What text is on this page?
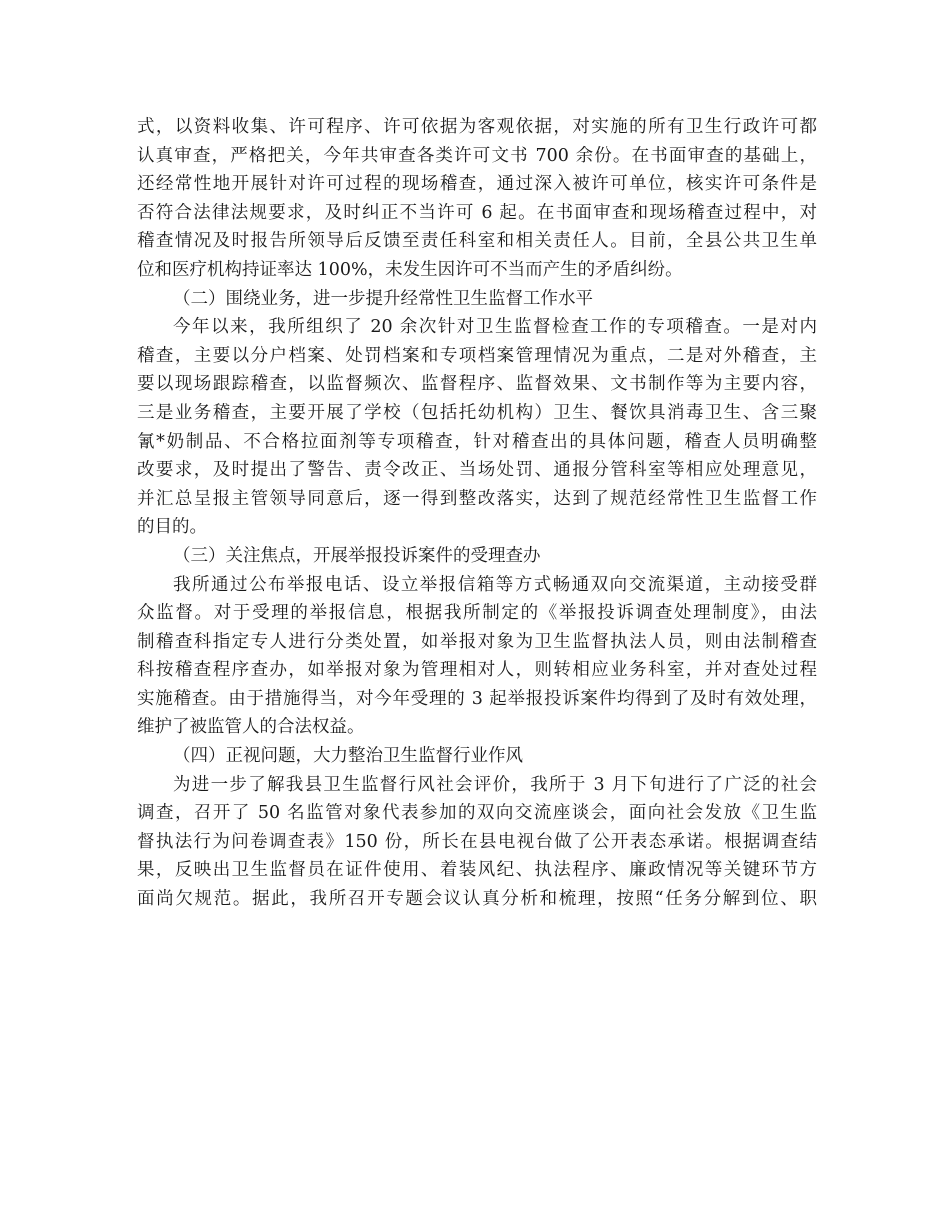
式，以资料收集、许可程序、许可依据为客观依据，对实施的所有卫生行政许可都
认真审查，严格把关，今年共审查各类许可文书 700 余份。在书面审查的基础上，
还经常性地开展针对许可过程的现场稽查，通过深入被许可单位，核实许可条件是
否符合法律法规要求，及时纠正不当许可 6 起。在书面审查和现场稽查过程中，对
稽查情况及时报告所领导后反馈至责任科室和相关责任人。目前，全县公共卫生单
位和医疗机构持证率达 100%，未发生因许可不当而产生的矛盾纠纷。
（二）围绕业务，进一步提升经常性卫生监督工作水平
今年以来，我所组织了 20 余次针对卫生监督检查工作的专项稽查。一是对内
稽查，主要以分户档案、处罚档案和专项档案管理情况为重点，二是对外稽查，主
要以现场跟踪稽查，以监督频次、监督程序、监督效果、文书制作等为主要内容，
三是业务稽查，主要开展了学校（包括托幼机构）卫生、餐饮具消毒卫生、含三聚
氰*奶制品、不合格拉面剂等专项稽查，针对稽查出的具体问题，稽查人员明确整
改要求，及时提出了警告、责令改正、当场处罚、通报分管科室等相应处理意见，
并汇总呈报主管领导同意后，逐一得到整改落实，达到了规范经常性卫生监督工作
的目的。
（三）关注焦点，开展举报投诉案件的受理查办
我所通过公布举报电话、设立举报信箱等方式畅通双向交流渠道，主动接受群
众监督。对于受理的举报信息，根据我所制定的《举报投诉调查处理制度》，由法
制稽查科指定专人进行分类处置，如举报对象为卫生监督执法人员，则由法制稽查
科按稽查程序查办，如举报对象为管理相对人，则转相应业务科室，并对查处过程
实施稽查。由于措施得当，对今年受理的 3 起举报投诉案件均得到了及时有效处理，
维护了被监管人的合法权益。
（四）正视问题，大力整治卫生监督行业作风
为进一步了解我县卫生监督行风社会评价，我所于 3 月下旬进行了广泛的社会
调查，召开了 50 名监管对象代表参加的双向交流座谈会，面向社会发放《卫生监
督执法行为问卷调查表》150 份，所长在县电视台做了公开表态承诺。根据调查结
果，反映出卫生监督员在证件使用、着装风纪、执法程序、廉政情况等关键环节方
面尚欠规范。据此，我所召开专题会议认真分析和梳理，按照“任务分解到位、职
